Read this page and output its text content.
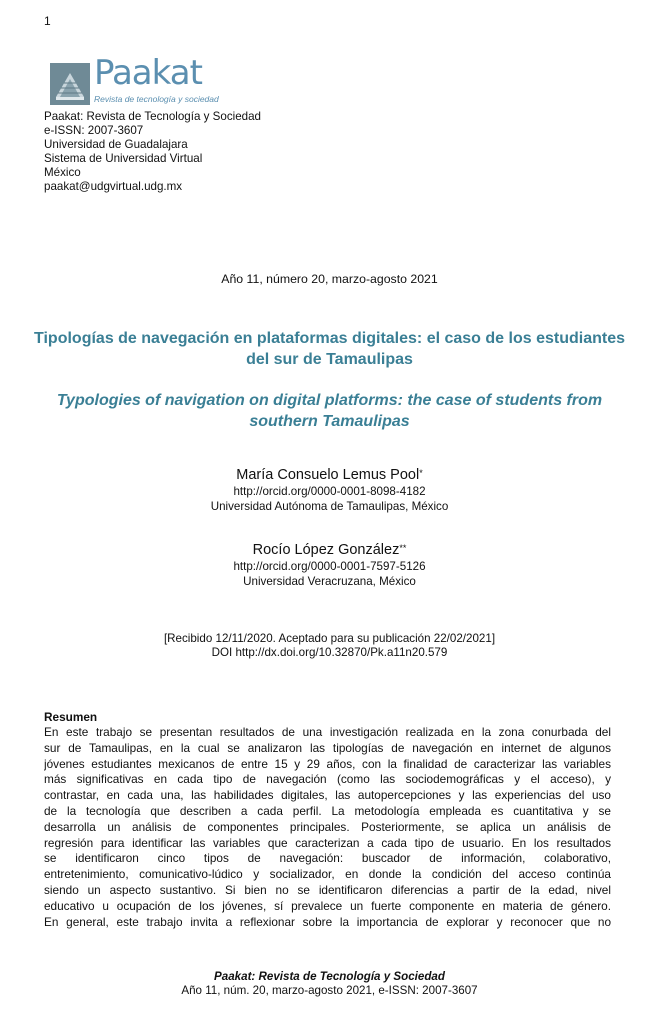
1
Paakat
Revista de tecnología y sociedad
Paakat: Revista de Tecnología y Sociedad
e-ISSN: 2007-3607
Universidad de Guadalajara
Sistema de Universidad Virtual
México
paakat@udgvirtual.udg.mx
Año 11, número 20, marzo-agosto 2021
Tipologías de navegación en plataformas digitales: el caso de los estudiantes del sur de Tamaulipas
Typologies of navigation on digital platforms: the case of students from southern Tamaulipas
María Consuelo Lemus Pool*
http://orcid.org/0000-0001-8098-4182
Universidad Autónoma de Tamaulipas, México
Rocío López González**
http://orcid.org/0000-0001-7597-5126
Universidad Veracruzana, México
[Recibido 12/11/2020. Aceptado para su publicación 22/02/2021]
DOI http://dx.doi.org/10.32870/Pk.a11n20.579
Resumen
En este trabajo se presentan resultados de una investigación realizada en la zona conurbada del
sur de Tamaulipas, en la cual se analizaron las tipologías de navegación en internet de algunos
jóvenes estudiantes mexicanos de entre 15 y 29 años, con la finalidad de caracterizar las variables
más significativas en cada tipo de navegación (como las sociodemográficas y el acceso), y
contrastar, en cada una, las habilidades digitales, las autopercepciones y las experiencias del uso
de la tecnología que describen a cada perfil. La metodología empleada es cuantitativa y se
desarrolla un análisis de componentes principales. Posteriormente, se aplica un análisis de
regresión para identificar las variables que caracterizan a cada tipo de usuario. En los resultados
se identificaron cinco tipos de navegación: buscador de información, colaborativo,
entretenimiento, comunicativo-lúdico y socializador, en donde la condición del acceso continúa
siendo un aspecto sustantivo. Si bien no se identificaron diferencias a partir de la edad, nivel
educativo u ocupación de los jóvenes, sí prevalece un fuerte componente en materia de género.
En general, este trabajo invita a reflexionar sobre la importancia de explorar y reconocer que no
Paakat: Revista de Tecnología y Sociedad
Año 11, núm. 20, marzo-agosto 2021, e-ISSN: 2007-3607
